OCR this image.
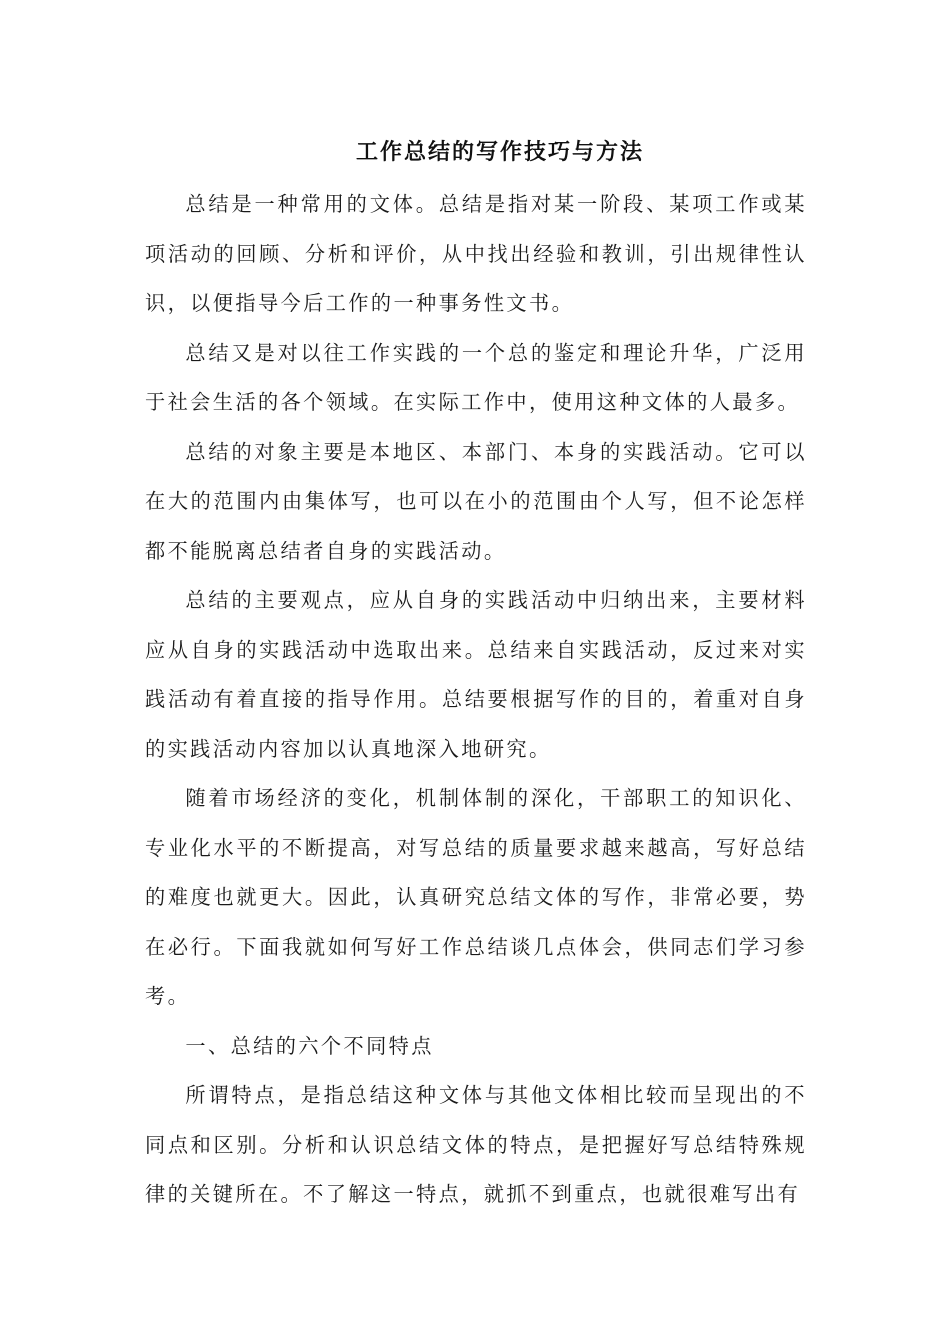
工作总结的写作技巧与方法

总结是一种常用的文体。总结是指对某一阶段、某项工作或某项活动的回顾、分析和评价，从中找出经验和教训，引出规律性认识，以便指导今后工作的一种事务性文书。

总结又是对以往工作实践的一个总的鉴定和理论升华，广泛用于社会生活的各个领域。在实际工作中，使用这种文体的人最多。

总结的对象主要是本地区、本部门、本身的实践活动。它可以在大的范围内由集体写，也可以在小的范围由个人写，但不论怎样都不能脱离总结者自身的实践活动。

总结的主要观点，应从自身的实践活动中归纳出来，主要材料应从自身的实践活动中选取出来。总结来自实践活动，反过来对实践活动有着直接的指导作用。总结要根据写作的目的，着重对自身的实践活动内容加以认真地深入地研究。

随着市场经济的变化，机制体制的深化，干部职工的知识化、专业化水平的不断提高，对写总结的质量要求越来越高，写好总结的难度也就更大。因此，认真研究总结文体的写作，非常必要，势在必行。下面我就如何写好工作总结谈几点体会，供同志们学习参考。

一、总结的六个不同特点

所谓特点，是指总结这种文体与其他文体相比较而呈现出的不同点和区别。分析和认识总结文体的特点，是把握好写总结特殊规律的关键所在。不了解这一特点，就抓不到重点，也就很难写出有
